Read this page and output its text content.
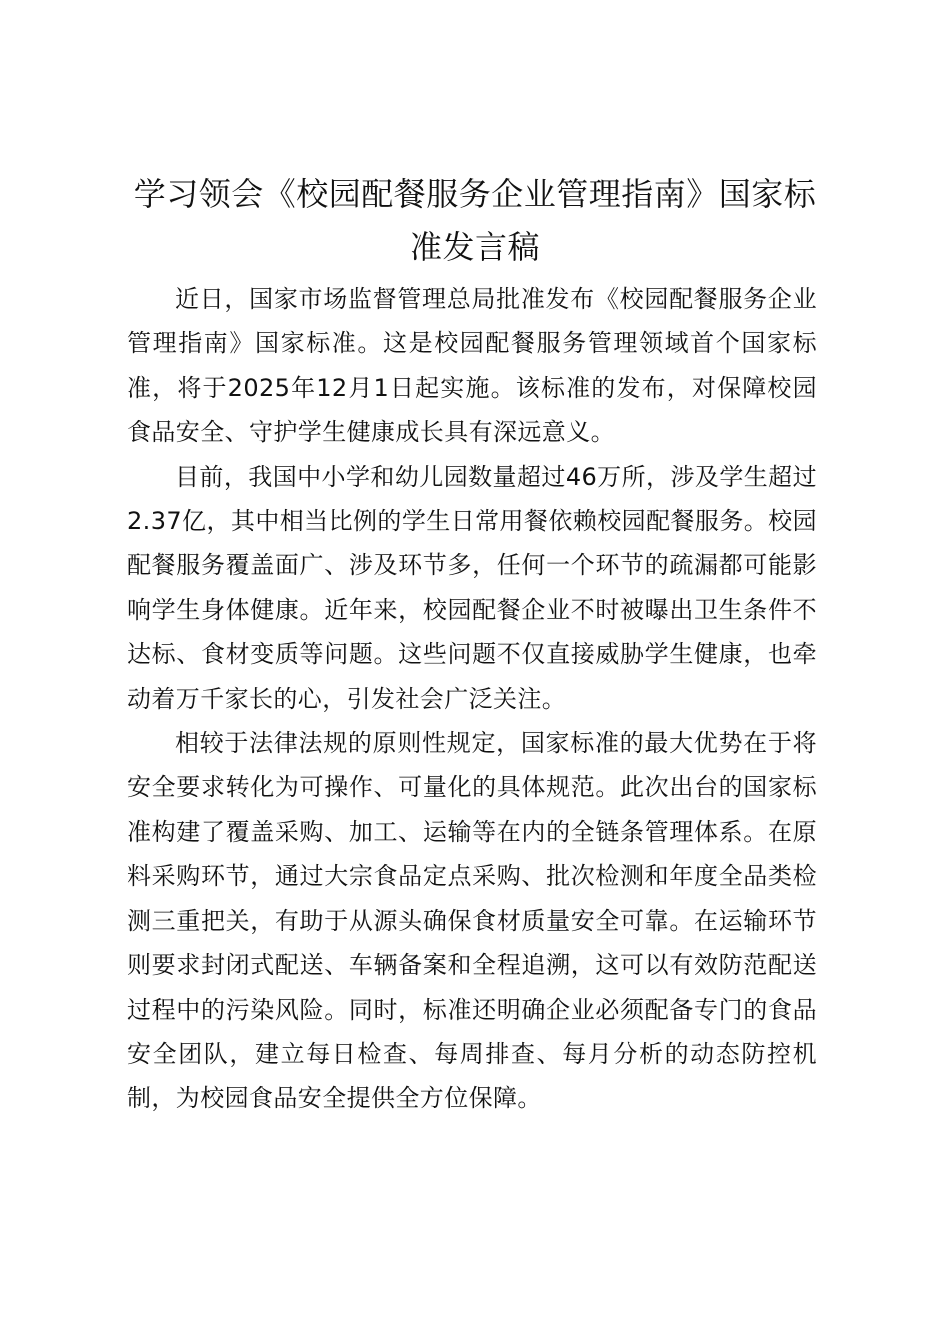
学习领会《校园配餐服务企业管理指南》国家标准发言稿

近日，国家市场监督管理总局批准发布《校园配餐服务企业管理指南》国家标准。这是校园配餐服务管理领域首个国家标准，将于2025年12月1日起实施。该标准的发布，对保障校园食品安全、守护学生健康成长具有深远意义。

目前，我国中小学和幼儿园数量超过46万所，涉及学生超过2.37亿，其中相当比例的学生日常用餐依赖校园配餐服务。校园配餐服务覆盖面广、涉及环节多，任何一个环节的疏漏都可能影响学生身体健康。近年来，校园配餐企业不时被曝出卫生条件不达标、食材变质等问题。这些问题不仅直接威胁学生健康，也牵动着万千家长的心，引发社会广泛关注。

相较于法律法规的原则性规定，国家标准的最大优势在于将安全要求转化为可操作、可量化的具体规范。此次出台的国家标准构建了覆盖采购、加工、运输等在内的全链条管理体系。在原料采购环节，通过大宗食品定点采购、批次检测和年度全品类检测三重把关，有助于从源头确保食材质量安全可靠。在运输环节则要求封闭式配送、车辆备案和全程追溯，这可以有效防范配送过程中的污染风险。同时，标准还明确企业必须配备专门的食品安全团队，建立每日检查、每周排查、每月分析的动态防控机制，为校园食品安全提供全方位保障。
